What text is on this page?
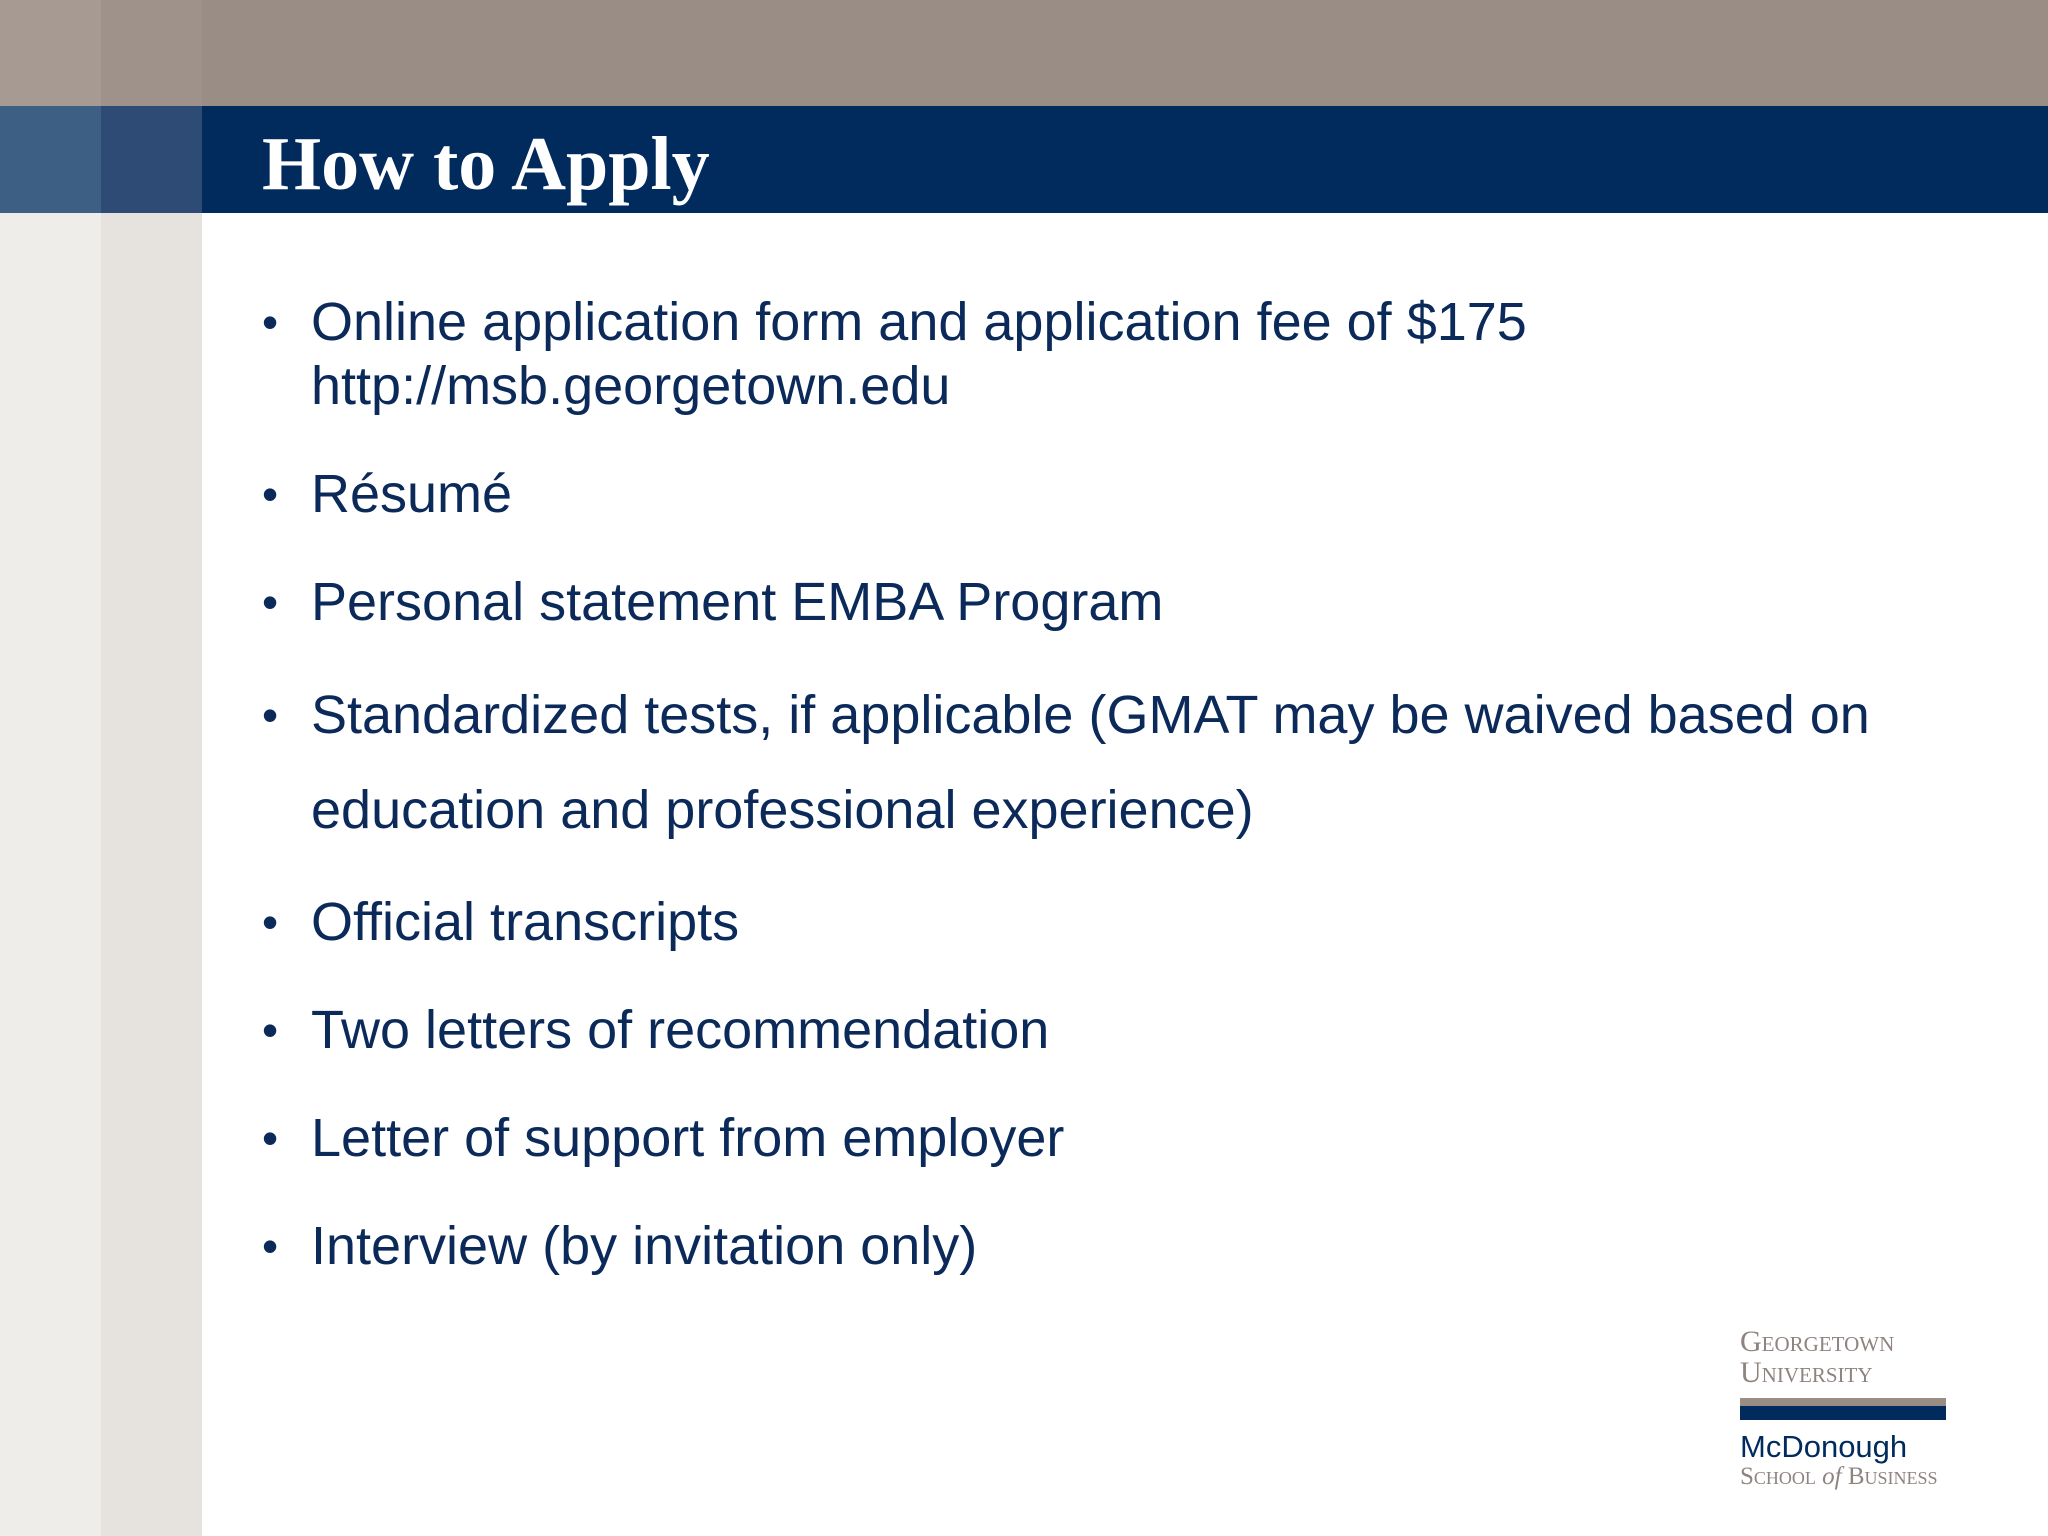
How to Apply
• Online application form and application fee of $175
http://msb.georgetown.edu
• Résumé
• Personal statement EMBA Program
• Standardized tests, if applicable (GMAT may be waived based on
education and professional experience)
• Official transcripts
• Two letters of recommendation
• Letter of support from employer
• Interview (by invitation only)
Georgetown
University
McDonough
School of Business
